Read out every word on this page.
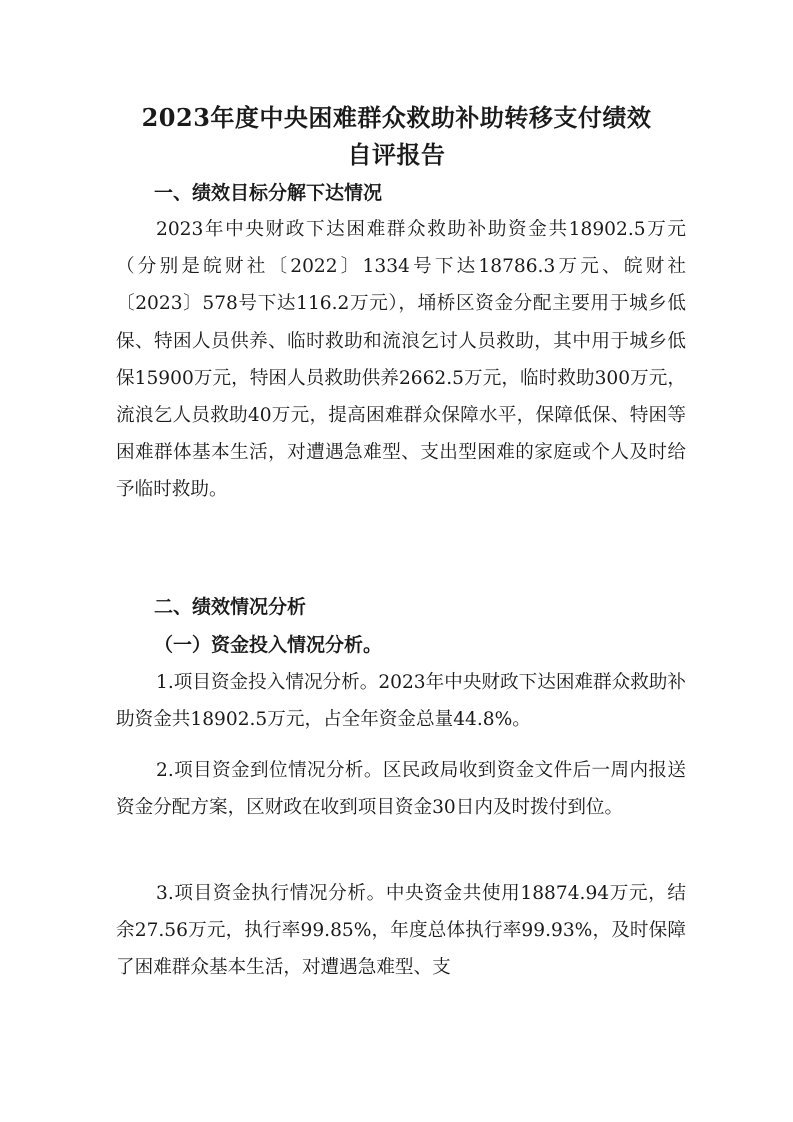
2023年度中央困难群众救助补助转移支付绩效
自评报告
一、绩效目标分解下达情况

2023年中央财政下达困难群众救助补助资金共18902.5万元（分别是皖财社〔2022〕1334号下达18786.3万元、皖财社〔2023〕578号下达116.2万元），埇桥区资金分配主要用于城乡低保、特困人员供养、临时救助和流浪乞讨人员救助，其中用于城乡低保15900万元，特困人员救助供养2662.5万元，临时救助300万元，流浪乞人员救助40万元，提高困难群众保障水平，保障低保、特困等困难群体基本生活，对遭遇急难型、支出型困难的家庭或个人及时给予临时救助。

二、绩效情况分析
（一）资金投入情况分析。

1.项目资金投入情况分析。2023年中央财政下达困难群众救助补助资金共18902.5万元，占全年资金总量44.8%。

2.项目资金到位情况分析。区民政局收到资金文件后一周内报送资金分配方案，区财政在收到项目资金30日内及时拨付到位。

3.项目资金执行情况分析。中央资金共使用18874.94万元，结余27.56万元，执行率99.85%，年度总体执行率99.93%，及时保障了困难群众基本生活，对遭遇急难型、支
